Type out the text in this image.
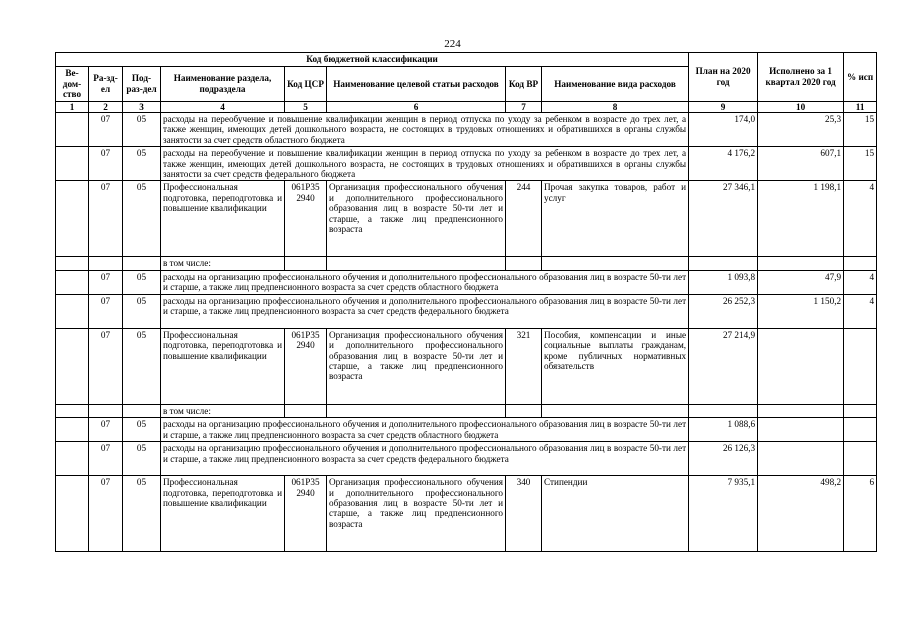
224
Код бюджетной классификации								План на 2020 год	Исполнено за 1 квартал 2020 год	% исп
Ве-дом-ство	Ра-зд-ел	Под-раз-дел	Наименование раздела, подраздела	Код ЦСР	Наименование целевой статьи расходов	Код ВР	Наименование вида расходов			
1	2	3	4	5	6	7	8	9	10	11
	07	05	расходы на переобучение и повышение квалификации женщин в период отпуска по уходу за ребенком в возрасте до трех лет, а также женщин, имеющих детей дошкольного возраста, не состоящих в трудовых отношениях и обратившихся в органы службы занятости за счет средств областного бюджета					174,0	25,3	15
	07	05	расходы на переобучение и повышение квалификации женщин в период отпуска по уходу за ребенком в возрасте до трех лет, а также женщин, имеющих детей дошкольного возраста, не состоящих в трудовых отношениях и обратившихся в органы службы занятости за счет средств федерального бюджета					4 176,2	607,1	15
	07	05	Профессиональная подготовка, переподготовка и повышение квалификации	061P35 2940	Организация профессионального обучения и дополнительного профессионального образования лиц в возрасте 50-ти лет и старше, а также лиц предпенсионного возраста	244	Прочая закупка товаров, работ и услуг	27 346,1	1 198,1	4
			в том числе:							
	07	05	расходы на организацию профессионального обучения и дополнительного профессионального образования лиц в возрасте 50-ти лет и старше, а также лиц предпенсионного возраста за счет средств областного бюджета					1 093,8	47,9	4
	07	05	расходы на организацию профессионального обучения и дополнительного профессионального образования лиц в возрасте 50-ти лет и старше, а также лиц предпенсионного возраста за счет средств федерального бюджета					26 252,3	1 150,2	4
	07	05	Профессиональная подготовка, переподготовка и повышение квалификации	061P35 2940	Организация профессионального обучения и дополнительного профессионального образования лиц в возрасте 50-ти лет и старше, а также лиц предпенсионного возраста	321	Пособия, компенсации и иные социальные выплаты гражданам, кроме публичных нормативных обязательств	27 214,9		
			в том числе:							
	07	05	расходы на организацию профессионального обучения и дополнительного профессионального образования лиц в возрасте 50-ти лет и старше, а также лиц предпенсионного возраста за счет средств областного бюджета					1 088,6		
	07	05	расходы на организацию профессионального обучения и дополнительного профессионального образования лиц в возрасте 50-ти лет и старше, а также лиц предпенсионного возраста за счет средств федерального бюджета					26 126,3		
	07	05	Профессиональная подготовка, переподготовка и повышение квалификации	061P35 2940	Организация профессионального обучения и дополнительного профессионального образования лиц в возрасте 50-ти лет и старше, а также лиц предпенсионного возраста	340	Стипендии	7 935,1	498,2	6
